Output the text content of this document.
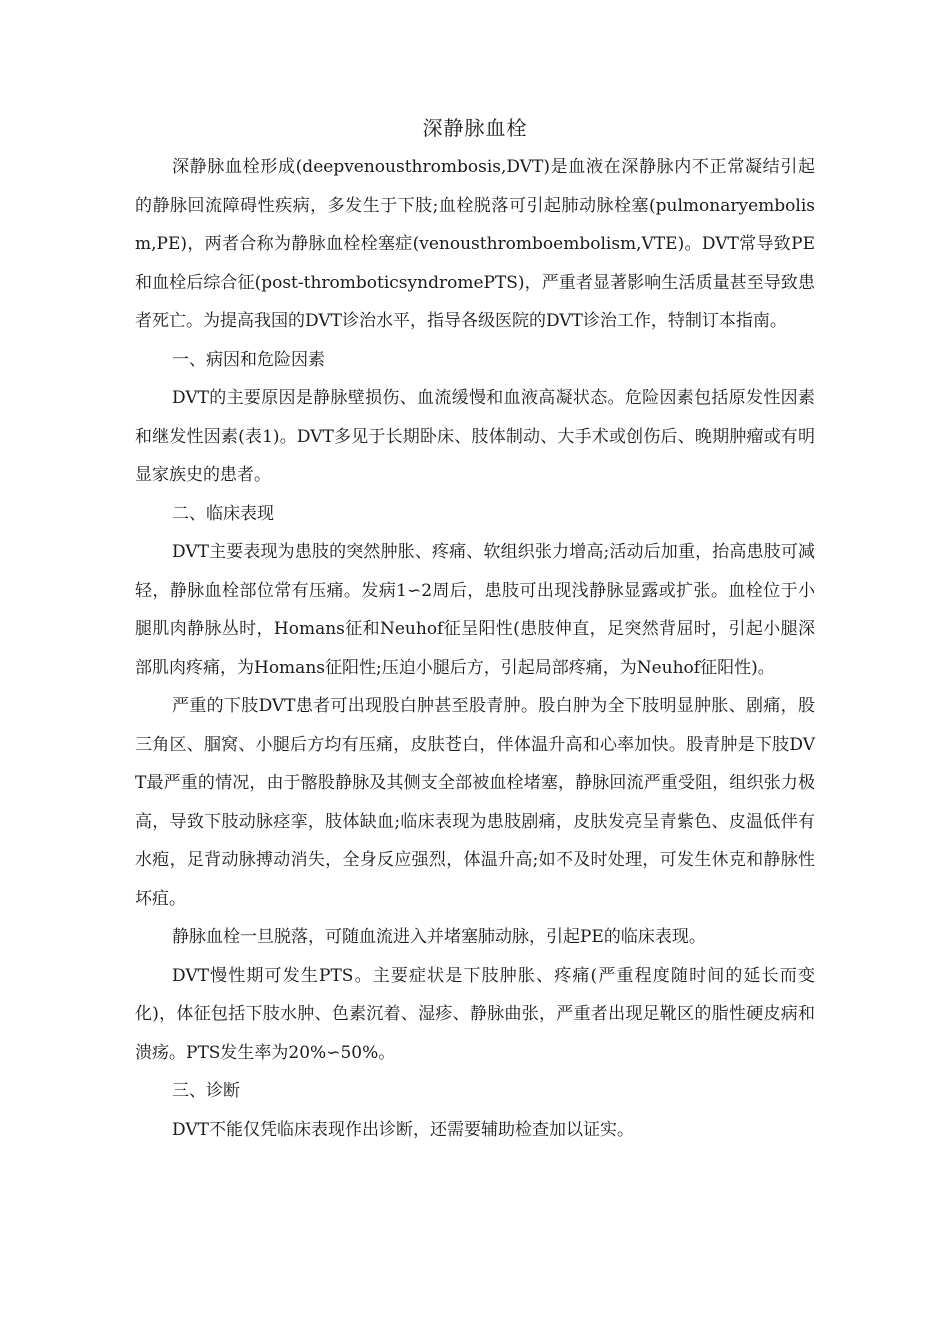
深静脉血栓

深静脉血栓形成(deepvenousthrombosis,DVT)是血液在深静脉内不正常凝结引起的静脉回流障碍性疾病，多发生于下肢;血栓脱落可引起肺动脉栓塞(pulmonaryembolism,PE)，两者合称为静脉血栓栓塞症(venousthromboembolism,VTE)。DVT常导致PE和血栓后综合征(post-thromboticsyndromePTS)，严重者显著影响生活质量甚至导致患者死亡。为提高我国的DVT诊治水平，指导各级医院的DVT诊治工作，特制订本指南。

一、病因和危险因素

DVT的主要原因是静脉壁损伤、血流缓慢和血液高凝状态。危险因素包括原发性因素和继发性因素(表1)。DVT多见于长期卧床、肢体制动、大手术或创伤后、晚期肿瘤或有明显家族史的患者。

二、临床表现

DVT主要表现为患肢的突然肿胀、疼痛、软组织张力增高;活动后加重，抬高患肢可减轻，静脉血栓部位常有压痛。发病1∽2周后，患肢可出现浅静脉显露或扩张。血栓位于小腿肌肉静脉丛时，Homans征和Neuhof征呈阳性(患肢伸直，足突然背屈时，引起小腿深部肌肉疼痛，为Homans征阳性;压迫小腿后方，引起局部疼痛，为Neuhof征阳性)。

严重的下肢DVT患者可出现股白肿甚至股青肿。股白肿为全下肢明显肿胀、剧痛，股三角区、腘窝、小腿后方均有压痛，皮肤苍白，伴体温升高和心率加快。股青肿是下肢DVT最严重的情况，由于髂股静脉及其侧支全部被血栓堵塞，静脉回流严重受阻，组织张力极高，导致下肢动脉痉挛，肢体缺血;临床表现为患肢剧痛，皮肤发亮呈青紫色、皮温低伴有水疱，足背动脉搏动消失，全身反应强烈，体温升高;如不及时处理，可发生休克和静脉性坏疽。

静脉血栓一旦脱落，可随血流进入并堵塞肺动脉，引起PE的临床表现。

DVT慢性期可发生PTS。主要症状是下肢肿胀、疼痛(严重程度随时间的延长而变化)，体征包括下肢水肿、色素沉着、湿疹、静脉曲张，严重者出现足靴区的脂性硬皮病和溃疡。PTS发生率为20%∽50%。

三、诊断

DVT不能仅凭临床表现作出诊断，还需要辅助检查加以证实。
